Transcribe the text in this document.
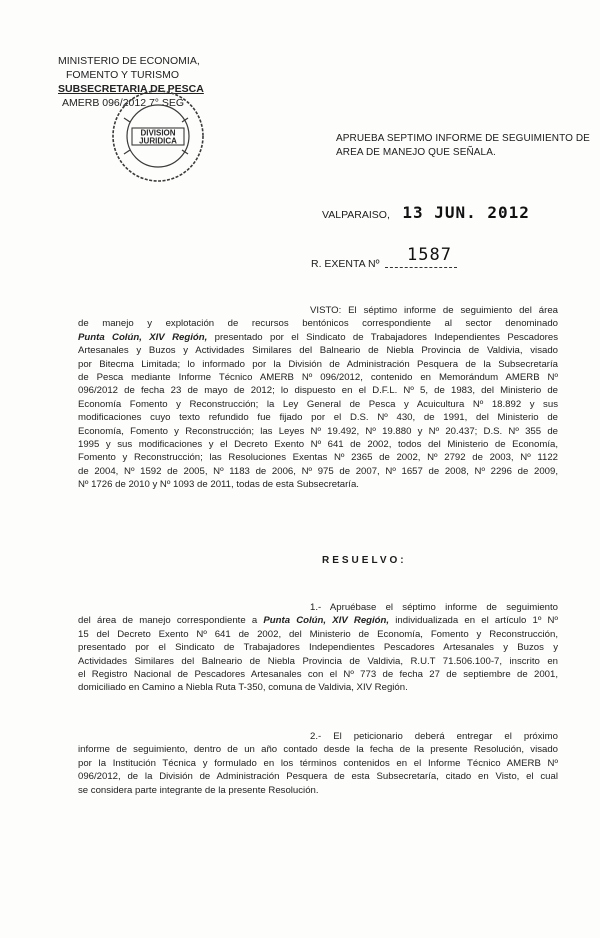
MINISTERIO DE ECONOMIA,
FOMENTO Y TURISMO
SUBSECRETARIA DE PESCA
AMERB 096/2012 7° SEG
DIVISION
JURIDICA	APRUEBA SEPTIMO INFORME DE SEGUIMIENTO DE
AREA DE MANEJO QUE SEÑALA.
VALPARAISO, 13 JUN. 2012
R. EXENTA Nº 1587
VISTO: El séptimo informe de seguimiento del área
de manejo y explotación de recursos bentónicos correspondiente al sector denominado
Punta Colún, XIV Región, presentado por el Sindicato de Trabajadores Independientes Pescadores
Artesanales y Buzos y Actividades Similares del Balneario de Niebla Provincia de Valdivia, visado
por Bitecma Limitada; lo informado por la División de Administración Pesquera de la Subsecretaría
de Pesca mediante Informe Técnico AMERB Nº 096/2012, contenido en Memorándum AMERB Nº
096/2012 de fecha 23 de mayo de 2012; lo dispuesto en el D.F.L. Nº 5, de 1983, del Ministerio de
Economía Fomento y Reconstrucción; la Ley General de Pesca y Acuicultura Nº 18.892 y sus
modificaciones cuyo texto refundido fue fijado por el D.S. Nº 430, de 1991, del Ministerio de
Economía, Fomento y Reconstrucción; las Leyes Nº 19.492, Nº 19.880 y Nº 20.437; D.S. Nº 355 de
1995 y sus modificaciones y el Decreto Exento Nº 641 de 2002, todos del Ministerio de Economía,
Fomento y Reconstrucción; las Resoluciones Exentas Nº 2365 de 2002, Nº 2792 de 2003, Nº 1122
de 2004, Nº 1592 de 2005, Nº 1183 de 2006, Nº 975 de 2007, Nº 1657 de 2008, Nº 2296 de 2009,
Nº 1726 de 2010 y Nº 1093 de 2011, todas de esta Subsecretaría.
RESUELVO:
1.- Apruébase el séptimo informe de seguimiento
del área de manejo correspondiente a Punta Colún, XIV Región, individualizada en el artículo 1º Nº
15 del Decreto Exento Nº 641 de 2002, del Ministerio de Economía, Fomento y Reconstrucción,
presentado por el Sindicato de Trabajadores Independientes Pescadores Artesanales y Buzos y
Actividades Similares del Balneario de Niebla Provincia de Valdivia, R.U.T 71.506.100-7, inscrito en
el Registro Nacional de Pescadores Artesanales con el Nº 773 de fecha 27 de septiembre de 2001,
domiciliado en Camino a Niebla Ruta T-350, comuna de Valdivia, XIV Región.
2.- El peticionario deberá entregar el próximo
informe de seguimiento, dentro de un año contado desde la fecha de la presente Resolución, visado
por la Institución Técnica y formulado en los términos contenidos en el Informe Técnico AMERB Nº
096/2012, de la División de Administración Pesquera de esta Subsecretaría, citado en Visto, el cual
se considera parte integrante de la presente Resolución.
